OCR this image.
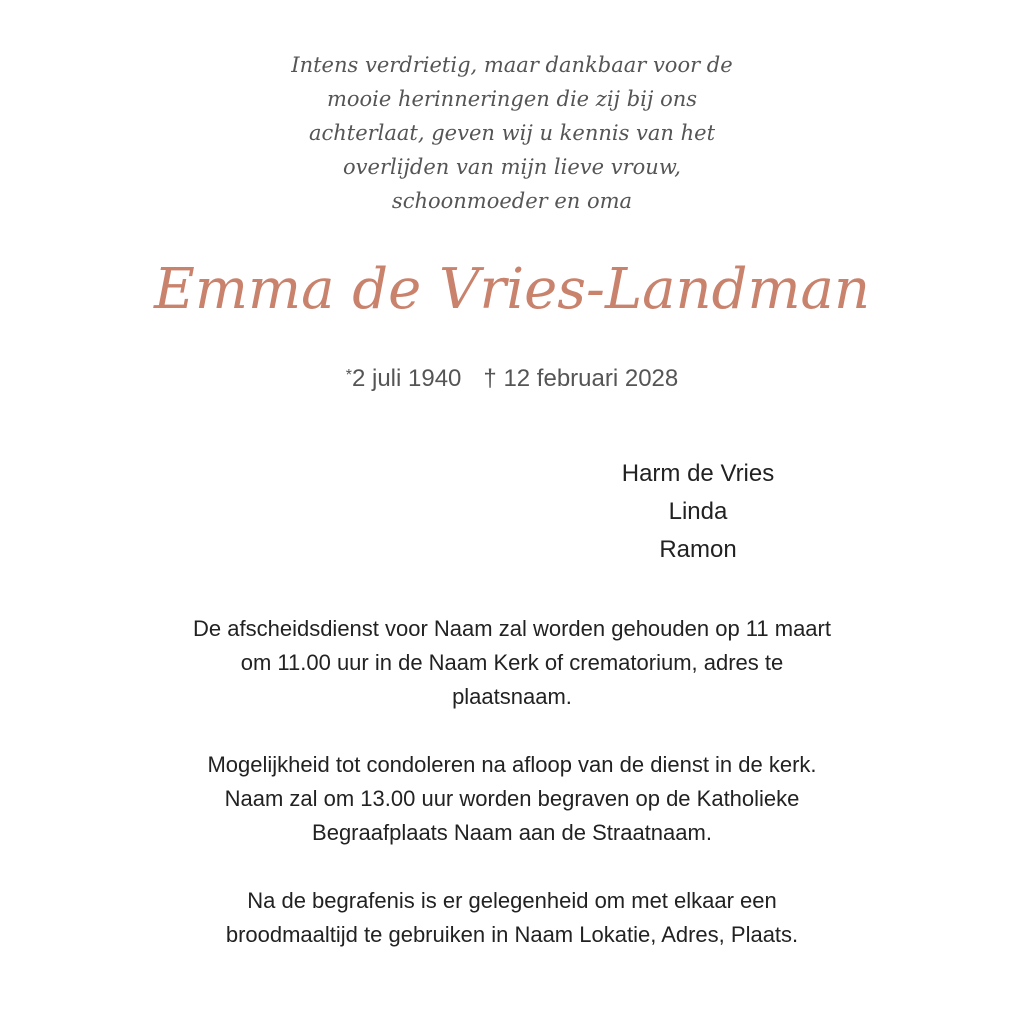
Intens verdrietig, maar dankbaar voor de
mooie herinneringen die zij bij ons
achterlaat, geven wij u kennis van het
overlijden van mijn lieve vrouw,
schoonmoeder en oma
Emma de Vries-Landman
*2 juli 1940 † 12 februari 2028
Harm de Vries
Linda
Ramon
De afscheidsdienst voor Naam zal worden gehouden op 11 maart
om 11.00 uur in de Naam Kerk of crematorium, adres te
plaatsnaam.
Mogelijkheid tot condoleren na afloop van de dienst in de kerk.
Naam zal om 13.00 uur worden begraven op de Katholieke
Begraafplaats Naam aan de Straatnaam.
Na de begrafenis is er gelegenheid om met elkaar een
broodmaaltijd te gebruiken in Naam Lokatie, Adres, Plaats.
